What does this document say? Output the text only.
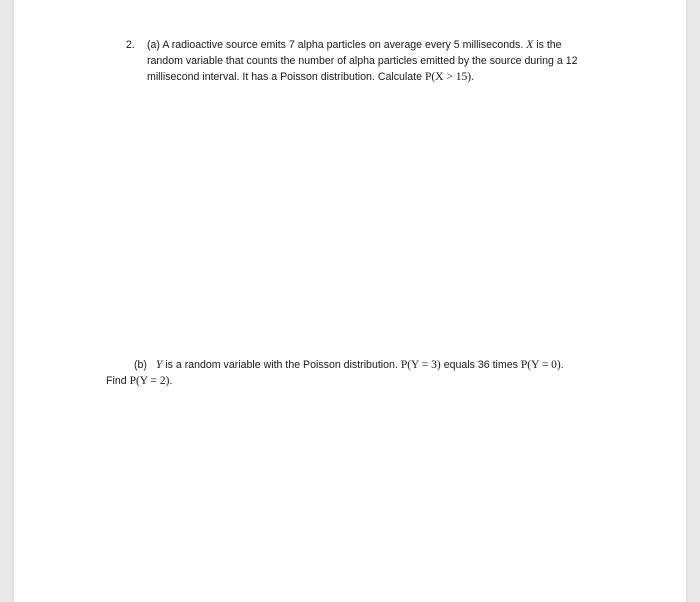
2. (a) A radioactive source emits 7 alpha particles on average every 5 milliseconds. X is the
random variable that counts the number of alpha particles emitted by the source during a 12
millisecond interval. It has a Poisson distribution. Calculate P(X > 15).
(b) Y is a random variable with the Poisson distribution. P(Y = 3) equals 36 times P(Y = 0).
Find P(Y = 2).
